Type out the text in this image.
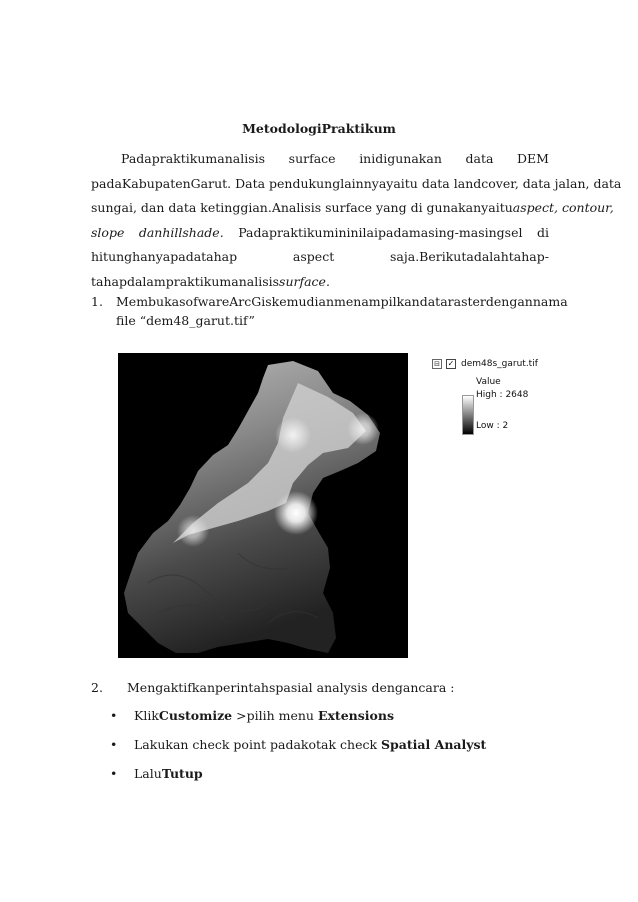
MetodologiPraktikum
Padapraktikumanalisis surface inidigunakan data DEM
padaKabupatenGarut. Data pendukunglainnyayaitu data landcover, data jalan, data
sungai, dan data ketinggian.Analisis surface yang di gunakanyaituaspect, contour,
slope danhillshade. Padapraktikumininilaipadamasing-masingsel di
hitunghanyapadatahap	aspect	saja.Berikutadalahtahap-
tahapdalampraktikumanalisissurface.
1. Membuka sofware ArcGis kemudian menampilkan data raster dengan nama
file “dem48_garut.tif”
⊟ ✓ dem48s_garut.tif
Value
High : 2648
Low : 2
2. Mengaktifkanperintahspasial analysis dengancara :
• KlikCustomize >pilih menu Extensions
• Lakukan check point padakotak check Spatial Analyst
• LaluTutup
